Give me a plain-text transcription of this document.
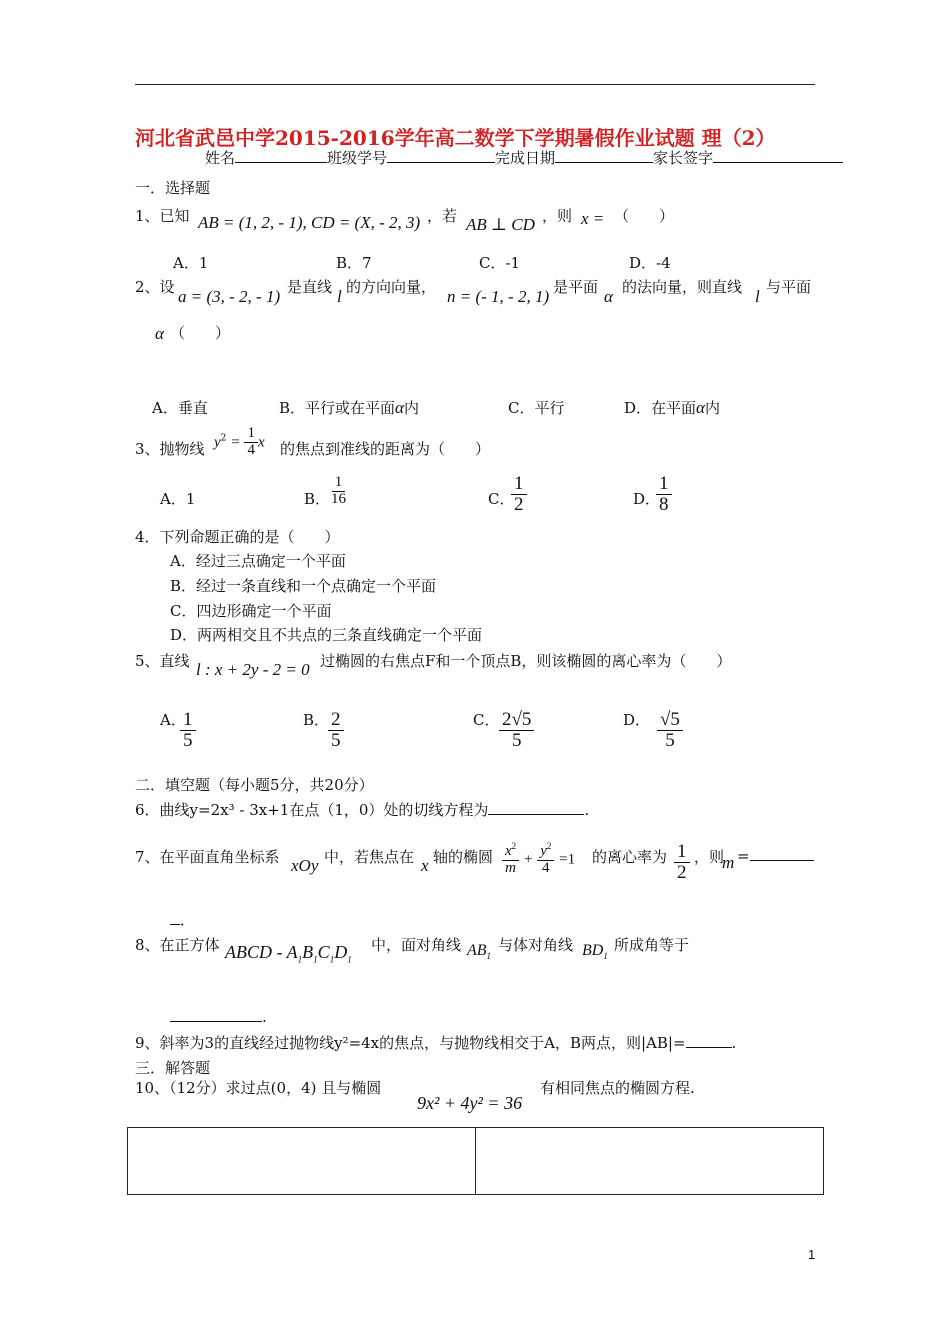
河北省武邑中学2015-2016学年高二数学下学期暑假作业试题 理（2）
姓名	班级学号	完成日期	家长签字
一．选择题
1、已知 AB = (1, 2, - 1), CD = (X, - 2, 3) ，若 AB ⊥ CD ，则 x = （　　）
A．1	B．7	C．-1	D．-4
2、设 a = (3, - 2, - 1) 是直线 l 的方向向量， n = (- 1, - 2, 1) 是平面 α 的法向量，则直线 l 与平面
α （　　）
A．垂直	B．平行或在平面α内	C．平行	D．在平面α内
3、抛物线 $y^2 = \frac{1}{4}$ x 的焦点到准线的距离为（　　）
A．1	B．
$\frac{1}{16}$	C．
$\frac{1}{2}$	D．
$\frac{1}{8}$
4．下列命题正确的是（　　）
A．经过三点确定一个平面
B．经过一条直线和一个点确定一个平面
C．四边形确定一个平面
D．两两相交且不共点的三条直线确定一个平面
5、直线 l : x + 2y - 2 = 0 过椭圆的右焦点F和一个顶点B，则该椭圆的离心率为（　　）
A．
$\frac{1}{5}$	B．
$\frac{2}{5}$	C． $\frac{2√5}{5}$	D． $\frac{√5}{5}$
二．填空题（每小题5分，共20分）
6．曲线y=2x³ - 3x+1在点（1，0）处的切线方程为	.
7、在平面直角坐标系 xOy 中，若焦点在 x 轴的椭圆 $\frac{x^2}{m} + \frac{y^2}{4} =1$ 的离心率为 $\frac{1}{2}$ ，则
m =
．
8、在正方体 ABCD - $A_1B_1C_1D_1$
中，面对角线 $AB_1$
与体对角线 $BD_1$
所成角等于
.
9、斜率为3的直线经过抛物线y²=4x的焦点，与抛物线相交于A，B两点，则|AB|=	.
三．解答题
10、（12分）求过点(0，4) 且与椭圆
9x² + 4y² = 36
有相同焦点的椭圆方程.
1
